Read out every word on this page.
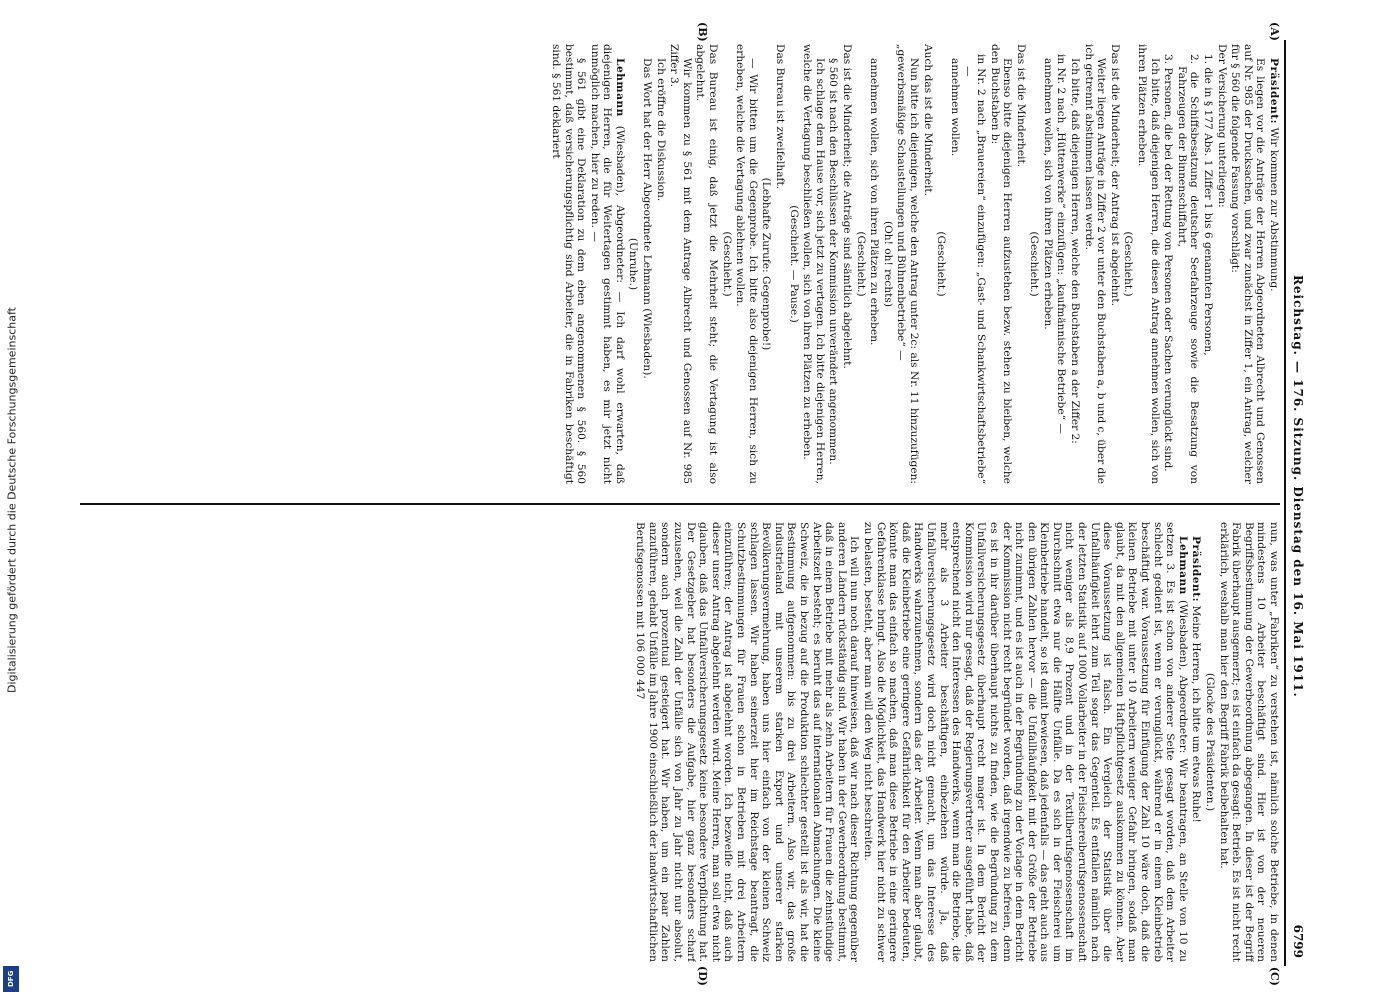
Digitalisierung gefördert durch die Deutsche Forschungsgemeinschaft
DFG
Reichstag. — 176. Sitzung. Dienstag den 16. Mai 1911.
6799
(A)
(B)
(C)
(D)

Präsident: Wir kommen zur Abstimmung.

Es liegen vor die Anträge der Herren Abgeordneten Albrecht und Genossen auf Nr. 985 der Drucksachen, und zwar zunächst in Ziffer 1, ein Antrag, welcher für § 560 die folgende Fassung vorschlägt:

Der Versicherung unterliegen:

1. die in § 177 Abs. 1 Ziffer 1 bis 6 genannten Personen,

2. die Schiffsbesatzung deutscher Seefahrzeuge sowie die Besatzung von Fahrzeugen der Binnenschiffahrt,

3. Personen, die bei der Rettung von Personen oder Sachen verunglückt sind.

Ich bitte, daß diejenigen Herren, die diesen Antrag annehmen wollen, sich von ihren Plätzen erheben.

(Geschieht.)

Das ist die Minderheit; der Antrag ist abgelehnt.

Weiter liegen Anträge in Ziffer 2 vor unter den Buchstaben a, b und c, über die ich getrennt abstimmen lassen werde.

Ich bitte, daß diejenigen Herren, welche den Buchstaben a der Ziffer 2:

in Nr. 2 nach „Hüttenwerke“ einzufügen: „kaufmännische Betriebe“ —

annehmen wollen, sich von ihren Plätzen erheben.

(Geschieht.)

Das ist die Minderheit.

Ebenso bitte diejenigen Herren aufzustehen bezw. stehen zu bleiben, welche den Buchstaben b:

in Nr. 2 nach „Brauereien“ einzufügen: „Gast- und Schankwirtschaftsbetriebe“ —

annehmen wollen.

(Geschieht.)

Auch das ist die Minderheit.

Nun bitte ich diejenigen, welche den Antrag unter 2c: als Nr. 11 hinzuzufügen: „gewerbsmäßige Schaustellungen und Bühnenbetriebe“ —

(Oh! oh! rechts)

annehmen wollen, sich von ihren Plätzen zu erheben.

(Geschieht.)

Das ist die Minderheit; die Anträge sind sämtlich abgelehnt.

§ 560 ist nach den Beschlüssen der Kommission unverändert angenommen.

Ich schlage dem Hause vor, sich jetzt zu vertagen. Ich bitte diejenigen Herren, welche die Vertagung beschließen wollen, sich von ihren Plätzen zu erheben.

(Geschieht. — Pause.)

Das Bureau ist zweifelhaft.

(Lebhafte Zurufe: Gegenprobe!)

— Wir bitten um die Gegenprobe. Ich bitte also diejenigen Herren, sich zu erheben, welche die Vertagung ablehnen wollen.

(Geschieht.)

Das Bureau ist einig, daß jetzt die Mehrheit steht; die Vertagung ist also abgelehnt.

Wir kommen zu § 561 mit dem Antrage Albrecht und Genossen auf Nr. 985 Ziffer 3.

Ich eröffne die Diskussion.

Das Wort hat der Herr Abgeordnete Lehmann (Wiesbaden).

(Unruhe.)

Lehmann (Wiesbaden), Abgeordneter: — Ich darf wohl erwarten, daß diejenigen Herren, die für Weitertagen gestimmt haben, es mir jetzt nicht unmöglich machen, hier zu reden. —

§ 561 gibt eine Deklaration zu dem eben angenommenen § 560. § 560 bestimmt, daß versicherungspflichtig sind Arbeiter, die in Fabriken beschäftigt sind. § 561 deklariert

nun, was unter „Fabriken“ zu verstehen ist, nämlich solche Betriebe, in denen mindestens 10 Arbeiter beschäftigt sind. Hier ist von der neueren Begriffsbestimmung der Gewerbeordnung abgegangen. In dieser ist der Begriff Fabrik überhaupt ausgemerzt; es ist einfach da gesagt: Betrieb. Es ist nicht recht erklärlich, weshalb man hier den Begriff Fabrik beibehalten hat.

(Glocke des Präsidenten.)

Präsident: Meine Herren, ich bitte um etwas Ruhe!

Lehmann (Wiesbaden), Abgeordneter: Wir beantragen, an Stelle von 10 zu setzen 3. Es ist schon von anderer Seite gesagt worden, daß dem Arbeiter schlecht gedient ist, wenn er verunglückt, während er in einem Kleinbetrieb beschäftigt war. Voraussetzung für Einfügung der Zahl 10 wäre doch, daß die kleinen Betriebe mit unter 10 Arbeitern weniger Gefahr bringen, sodaß man glaubt, da mit den allgemeinen Haftpflichtgesetz auskommen zu können. Aber diese Voraussetzung ist falsch. Ein Vergleich der Statistik über die Unfallhäufigkeit lehrt zum Teil sogar das Gegenteil. Es entfallen nämlich nach der letzten Statistik auf 1000 Vollarbeiter in der Fleischereiberufsgenossenschaft nicht weniger als 8,9 Prozent und in der Textilberufsgenossenschaft im Durchschnitt etwa nur die Hälfte Unfälle. Da es sich in der Fleischerei um Kleinbetriebe handelt, so ist damit bewiesen, daß jedenfalls — das geht auch aus den übrigen Zahlen hervor — die Unfallhäufigkeit mit der Größe der Betriebe nicht zunimmt, und es ist auch in der Begründung zu der Vorlage in dem Bericht der Kommission nicht recht begründet worden, daß irgendwie zu befreien, denn es ist in ihr darüber überhaupt nichts zu finden, wie die Begründung zu dem Unfallversicherungsgesetz überhaupt recht mager ist. In dem Bericht der Kommission wird nur gesagt, daß der Regierungsvertreter ausgeführt habe, daß entsprechend nicht den Interessen des Handwerks, wenn man die Betriebe, die mehr als 3 Arbeiter beschäftigen, einbeziehen würde. Ja, daß Unfallversicherungsgesetz wird doch nicht gemacht, um das Interesse des Handwerks wahrzunehmen, sondern das der Arbeiter. Wenn man aber glaubt, daß die Kleinbetriebe eine geringere Gefährlichkeit für den Arbeiter bedeuten, könnte man das einfach so machen, daß man diese Betriebe in eine geringere Gefahrenklasse bringt. Also die Möglichkeit, das Handwerk hier nicht zu schwer zu belasten, besteht, aber man will den Weg nicht beschreiten.

Ich will nun noch darauf hinweisen, daß wir nach dieser Richtung gegenüber anderen Ländern rückständig sind. Wir haben in der Gewerbeordnung bestimmt, daß in einem Betriebe mit mehr als zehn Arbeitern für Frauen die zehnstündige Arbeitszeit besteht; es beruht das auf internationalen Abmachungen. Die kleine Schweiz, die in bezug auf die Produktion schlechter gestellt ist als wir, hat die Bestimmung aufgenommen: bis zu drei Arbeitern. Also wir, das große Industrieland mit unserem starken Export und unserer starken Bevölkerungsvermehrung, haben uns hier einfach von der kleinen Schweiz schlagen lassen. Wir haben seinerzeit hier im Reichstage beantragt, die Schutzbestimmungen für Frauen schon in Betrieben mit drei Arbeitern einzuführen; der Antrag ist abgelehnt worden. Ich bezweifle nicht, daß auch dieser unser Antrag abgelehnt werden wird. Meine Herren, man soll etwa nicht glauben, daß das Unfallversicherungsgesetz keine besondere Verpflichtung hat. Der Gesetzgeber hat besonders die Aufgabe, hier ganz besonders scharf zuzusehen, weil die Zahl der Unfälle sich von Jahr zu Jahr nicht nur absolut, sondern auch prozentual gesteigert hat. Wir haben, um ein paar Zahlen anzuführen, gehabt Unfälle im Jahre 1900 einschließlich der landwirtschaftlichen Berufsgenossen mit 106 000 447
